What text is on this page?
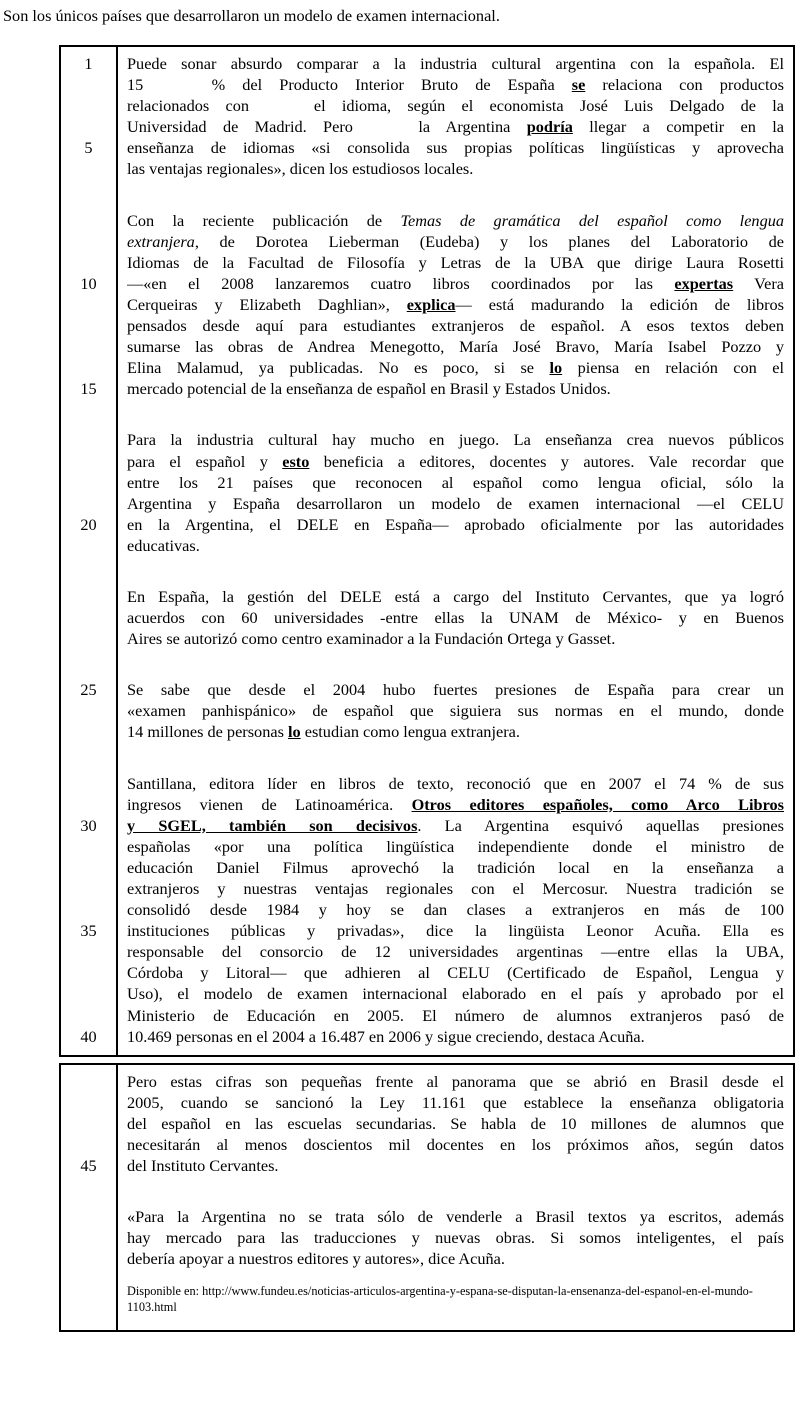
Son los únicos países que desarrollaron un modelo de examen internacional.
1
5
10
15
20
25
30
35
40
Puede sonar absurdo comparar a la industria cultural argentina con la española. El
15    % del Producto Interior Bruto de España se relaciona con productos
relacionados con    el idioma, según el economista José Luis Delgado de la
Universidad de Madrid. Pero    la Argentina podría llegar a competir en la
enseñanza de idiomas «si consolida sus propias políticas lingüísticas y aprovecha
las ventajas regionales», dicen los estudiosos locales.
Con la reciente publicación de Temas de gramática del español como lengua
extranjera, de Dorotea Lieberman (Eudeba) y los planes del Laboratorio de
Idiomas de la Facultad de Filosofía y Letras de la UBA que dirige Laura Rosetti
—«en el 2008 lanzaremos cuatro libros coordinados por las expertas Vera
Cerqueiras y Elizabeth Daghlian», explica— está madurando la edición de libros
pensados desde aquí para estudiantes extranjeros de español. A esos textos deben
sumarse las obras de Andrea Menegotto, María José Bravo, María Isabel Pozzo y
Elina Malamud, ya publicadas. No es poco, si se lo piensa en relación con el
mercado potencial de la enseñanza de español en Brasil y Estados Unidos.
Para la industria cultural hay mucho en juego. La enseñanza crea nuevos públicos
para el español y esto beneficia a editores, docentes y autores. Vale recordar que
entre los 21 países que reconocen al español como lengua oficial, sólo la
Argentina y España desarrollaron un modelo de examen internacional —el CELU
en la Argentina, el DELE en España— aprobado oficialmente por las autoridades
educativas.
En España, la gestión del DELE está a cargo del Instituto Cervantes, que ya logró
acuerdos con 60 universidades -entre ellas la UNAM de México- y en Buenos
Aires se autorizó como centro examinador a la Fundación Ortega y Gasset.
Se sabe que desde el 2004 hubo fuertes presiones de España para crear un
«examen panhispánico» de español que siguiera sus normas en el mundo, donde
14 millones de personas lo estudian como lengua extranjera.
Santillana, editora líder en libros de texto, reconoció que en 2007 el 74 % de sus
ingresos vienen de Latinoamérica. Otros editores españoles, como Arco Libros
y SGEL, también son decisivos. La Argentina esquivó aquellas presiones
españolas «por una política lingüística independiente donde el ministro de
educación Daniel Filmus aprovechó la tradición local en la enseñanza a
extranjeros y nuestras ventajas regionales con el Mercosur. Nuestra tradición se
consolidó desde 1984 y hoy se dan clases a extranjeros en más de 100
instituciones públicas y privadas», dice la lingüista Leonor Acuña. Ella es
responsable del consorcio de 12 universidades argentinas —entre ellas la UBA,
Córdoba y Litoral— que adhieren al CELU (Certificado de Español, Lengua y
Uso), el modelo de examen internacional elaborado en el país y aprobado por el
Ministerio de Educación en 2005. El número de alumnos extranjeros pasó de
10.469 personas en el 2004 a 16.487 en 2006 y sigue creciendo, destaca Acuña.
45
Pero estas cifras son pequeñas frente al panorama que se abrió en Brasil desde el
2005, cuando se sancionó la Ley 11.161 que establece la enseñanza obligatoria
del español en las escuelas secundarias. Se habla de 10 millones de alumnos que
necesitarán al menos doscientos mil docentes en los próximos años, según datos
del Instituto Cervantes.
«Para la Argentina no se trata sólo de venderle a Brasil textos ya escritos, además
hay mercado para las traducciones y nuevas obras. Si somos inteligentes, el país
debería apoyar a nuestros editores y autores», dice Acuña.
Disponible en: http://www.fundeu.es/noticias-articulos-argentina-y-espana-se-disputan-la-ensenanza-del-espanol-en-el-mundo-1103.html
